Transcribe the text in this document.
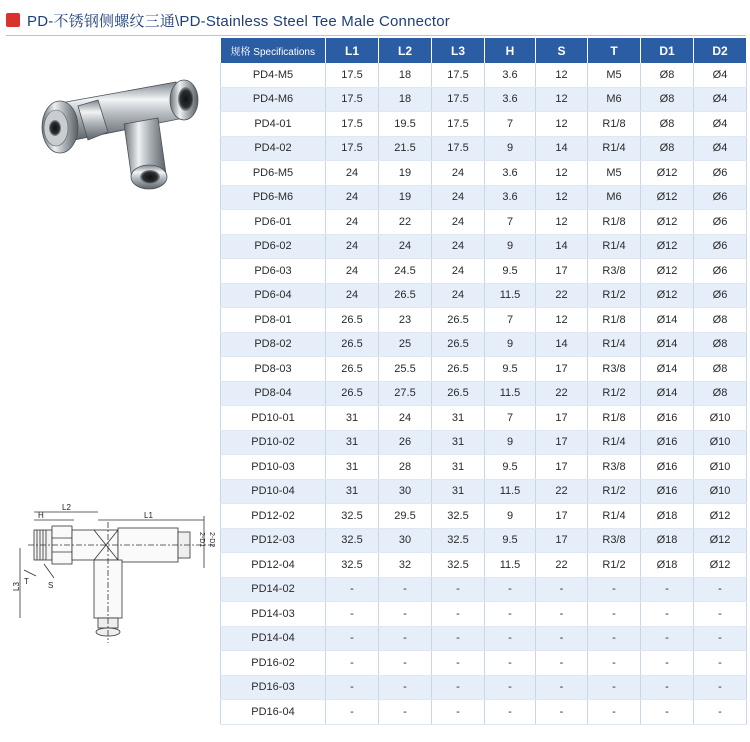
PD-不锈钢侧螺纹三通\PD-Stainless Steel Tee Male Connector
H
L2
L1
L3
T S
2-D2
2-D1
规格 Specifications	L1	L2	L3	H	S	T	D1	D2
PD4-M5	17.5	18	17.5	3.6	12	M5	Ø8	Ø4
PD4-M6	17.5	18	17.5	3.6	12	M6	Ø8	Ø4
PD4-01	17.5	19.5	17.5	7	12	R1/8	Ø8	Ø4
PD4-02	17.5	21.5	17.5	9	14	R1/4	Ø8	Ø4
PD6-M5	24	19	24	3.6	12	M5	Ø12	Ø6
PD6-M6	24	19	24	3.6	12	M6	Ø12	Ø6
PD6-01	24	22	24	7	12	R1/8	Ø12	Ø6
PD6-02	24	24	24	9	14	R1/4	Ø12	Ø6
PD6-03	24	24.5	24	9.5	17	R3/8	Ø12	Ø6
PD6-04	24	26.5	24	11.5	22	R1/2	Ø12	Ø6
PD8-01	26.5	23	26.5	7	12	R1/8	Ø14	Ø8
PD8-02	26.5	25	26.5	9	14	R1/4	Ø14	Ø8
PD8-03	26.5	25.5	26.5	9.5	17	R3/8	Ø14	Ø8
PD8-04	26.5	27.5	26.5	11.5	22	R1/2	Ø14	Ø8
PD10-01	31	24	31	7	17	R1/8	Ø16	Ø10
PD10-02	31	26	31	9	17	R1/4	Ø16	Ø10
PD10-03	31	28	31	9.5	17	R3/8	Ø16	Ø10
PD10-04	31	30	31	11.5	22	R1/2	Ø16	Ø10
PD12-02	32.5	29.5	32.5	9	17	R1/4	Ø18	Ø12
PD12-03	32.5	30	32.5	9.5	17	R3/8	Ø18	Ø12
PD12-04	32.5	32	32.5	11.5	22	R1/2	Ø18	Ø12
PD14-02	-	-	-	-	-	-	-	-
PD14-03	-	-	-	-	-	-	-	-
PD14-04	-	-	-	-	-	-	-	-
PD16-02	-	-	-	-	-	-	-	-
PD16-03	-	-	-	-	-	-	-	-
PD16-04	-	-	-	-	-	-	-	-
